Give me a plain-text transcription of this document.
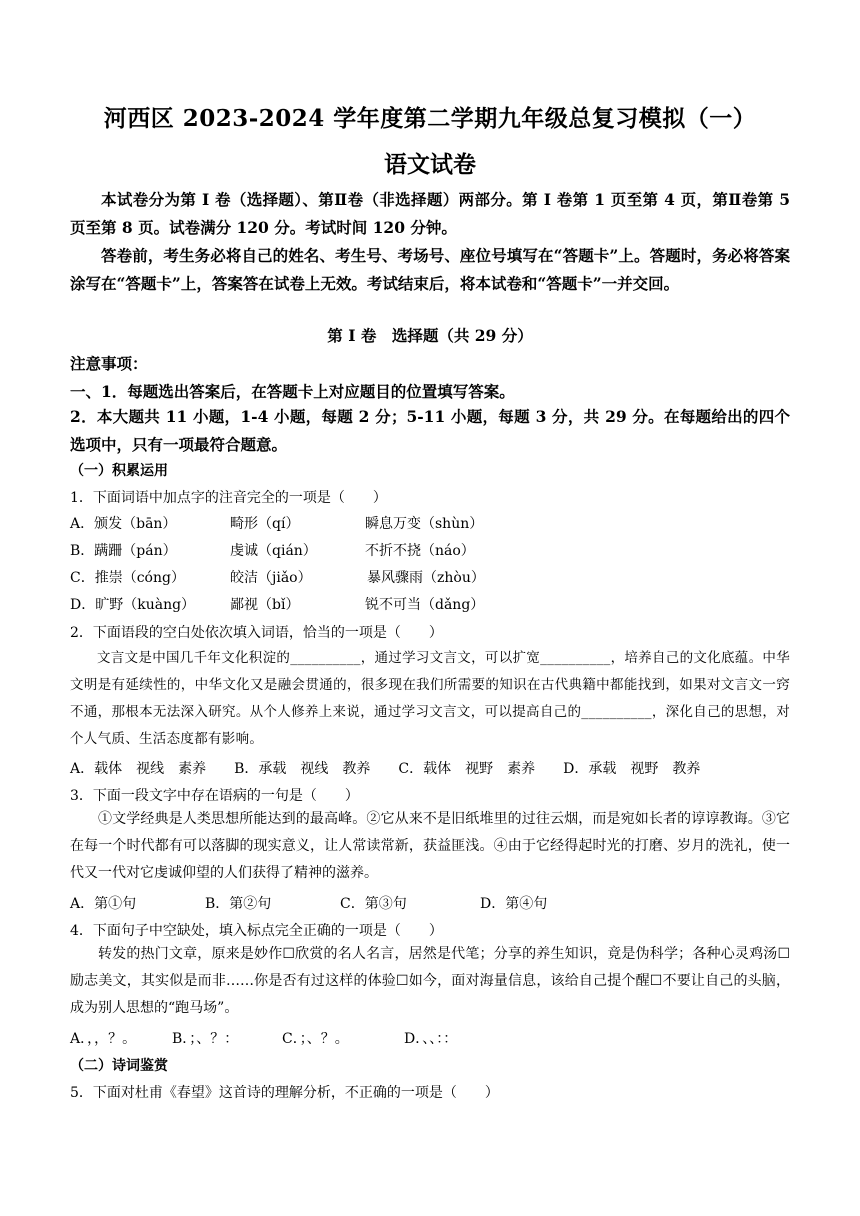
河西区 2023-2024 学年度第二学期九年级总复习模拟（一）
语文试卷
本试卷分为第 I 卷（选择题）、第Ⅱ卷（非选择题）两部分。第 I 卷第 1 页至第 4 页，第Ⅱ卷第 5 页至第 8 页。试卷满分 120 分。考试时间 120 分钟。
答卷前，考生务必将自己的姓名、考生号、考场号、座位号填写在“答题卡”上。答题时，务必将答案涂写在“答题卡”上，答案答在试卷上无效。考试结束后，将本试卷和“答题卡”一并交回。
第 I 卷　选择题（共 29 分）
注意事项：
一、1．每题选出答案后，在答题卡上对应题目的位置填写答案。
2．本大题共 11 小题，1-4 小题，每题 2 分；5-11 小题，每题 3 分，共 29 分。在每题给出的四个选项中，只有一项最符合题意。
（一）积累运用
1．下面词语中加点字的注音完全的一项是（　　）
A．颁发（bān）	畸形（qí）	瞬息万变（shùn）
B．蹒跚（pán）	虔诚（qián）	不折不挠（náo）
C．推崇（cóng）	皎洁（jiǎo）	暴风骤雨（zhòu）
D．旷野（kuàng） 鄙视（bǐ）	锐不可当（dǎng）
2．下面语段的空白处依次填入词语，恰当的一项是（　　）
文言文是中国几千年文化积淀的__________，通过学习文言文，可以扩宽__________，培养自己的文化底蕴。中华文明是有延续性的，中华文化又是融会贯通的，很多现在我们所需要的知识在古代典籍中都能找到，如果对文言文一窍不通，那根本无法深入研究。从个人修养上来说，通过学习文言文，可以提高自己的__________，深化自己的思想，对个人气质、生活态度都有影响。
A．载体　视线　素养　　B．承载　视线　教养　　C．载体　视野　素养　　D．承载　视野　教养
3．下面一段文字中存在语病的一句是（　　）
①文学经典是人类思想所能达到的最高峰。②它从来不是旧纸堆里的过往云烟，而是宛如长者的谆谆教诲。③它在每一个时代都有可以落脚的现实意义，让人常读常新，获益匪浅。④由于它经得起时光的打磨、岁月的洗礼，使一代又一代对它虔诚仰望的人们获得了精神的滋养。
A．第①句	B．第②句	C．第③句	D．第④句
4．下面句子中空缺处，填入标点完全正确的一项是（　　）
转发的热门文章，原来是妙作☐欣赏的名人名言，居然是代笔；分享的养生知识，竟是伪科学；各种心灵鸡汤☐励志美文，其实似是而非……你是否有过这样的体验☐如今，面对海量信息，该给自己提个醒☐不要让自己的头脑，成为别人思想的“跑马场”。
A．，，？。	B．；、？：	C．；、？。	D．、、：：
（二）诗词鉴赏
5．下面对杜甫《春望》这首诗的理解分析，不正确的一项是（　　）
